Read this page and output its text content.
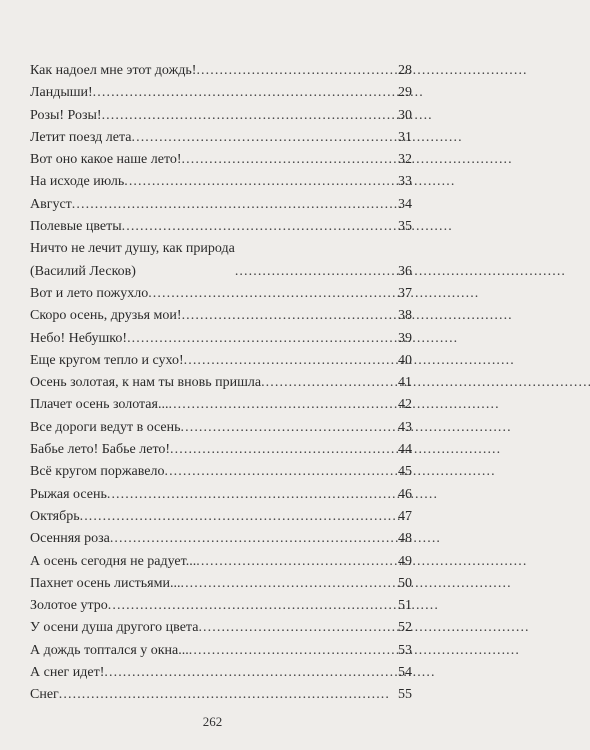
Как надоел мне этот дождь! . . .	28
Ландыши! . . .	29
Розы! Розы! . . .	30
Летит поезд лета . . .	31
Вот оно какое наше лето! . . .	32
На исходе июль . . .	33
Август . . .	34
Полевые цветы . . .	35
Ничто не лечит душу, как природа
(Василий Лесков) . . .	36
Вот и лето пожухло . . .	37
Скоро осень, друзья мои! . . .	38
Небо! Небушко! . . .	39
Еще кругом тепло и сухо! . . .	40
Осень золотая, к нам ты вновь пришла . . .	41
Плачет осень золотая... . . .	42
Все дороги ведут в осень . . .	43
Бабье лето! Бабье лето! . . .	44
Всё кругом поржавело . . .	45
Рыжая осень . . .	46
Октябрь . . .	47
Осенняя роза . . .	48
А осень сегодня не радует... . . .	49
Пахнет осень листьями... . . .	50
Золотое утро . . .	51
У осени душа другого цвета . . .	52
А дождь топтался у окна... . . .	53
А снег идет! . . .	54
Снег . . .	55
262
